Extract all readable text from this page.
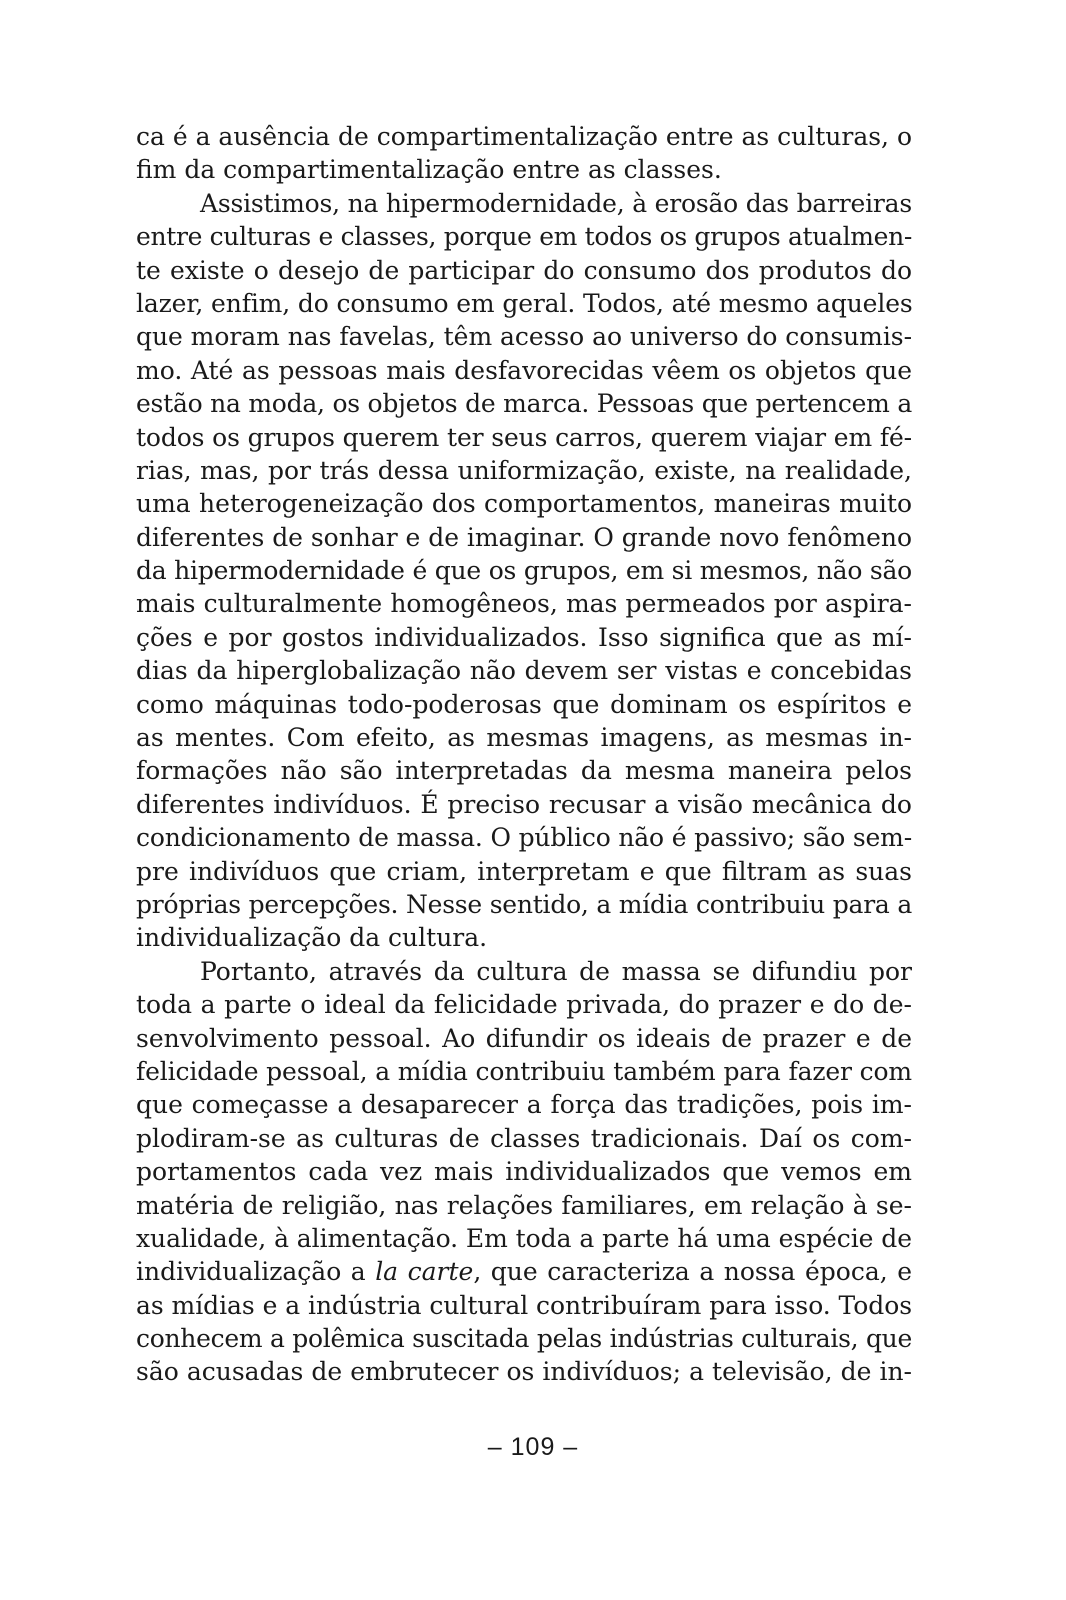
ca é a ausência de compartimentalização entre as culturas, o
fim da compartimentalização entre as classes.
Assistimos, na hipermodernidade, à erosão das barreiras
entre culturas e classes, porque em todos os grupos atualmen-
te existe o desejo de participar do consumo dos produtos do
lazer, enfim, do consumo em geral. Todos, até mesmo aqueles
que moram nas favelas, têm acesso ao universo do consumis-
mo. Até as pessoas mais desfavorecidas vêem os objetos que
estão na moda, os objetos de marca. Pessoas que pertencem a
todos os grupos querem ter seus carros, querem viajar em fé-
rias, mas, por trás dessa uniformização, existe, na realidade,
uma heterogeneização dos comportamentos, maneiras muito
diferentes de sonhar e de imaginar. O grande novo fenômeno
da hipermodernidade é que os grupos, em si mesmos, não são
mais culturalmente homogêneos, mas permeados por aspira-
ções e por gostos individualizados. Isso significa que as mí-
dias da hiperglobalização não devem ser vistas e concebidas
como máquinas todo-poderosas que dominam os espíritos e
as mentes. Com efeito, as mesmas imagens, as mesmas in-
formações não são interpretadas da mesma maneira pelos
diferentes indivíduos. É preciso recusar a visão mecânica do
condicionamento de massa. O público não é passivo; são sem-
pre indivíduos que criam, interpretam e que filtram as suas
próprias percepções. Nesse sentido, a mídia contribuiu para a
individualização da cultura.
Portanto, através da cultura de massa se difundiu por
toda a parte o ideal da felicidade privada, do prazer e do de-
senvolvimento pessoal. Ao difundir os ideais de prazer e de
felicidade pessoal, a mídia contribuiu também para fazer com
que começasse a desaparecer a força das tradições, pois im-
plodiram-se as culturas de classes tradicionais. Daí os com-
portamentos cada vez mais individualizados que vemos em
matéria de religião, nas relações familiares, em relação à se-
xualidade, à alimentação. Em toda a parte há uma espécie de
individualização a la carte, que caracteriza a nossa época, e
as mídias e a indústria cultural contribuíram para isso. Todos
conhecem a polêmica suscitada pelas indústrias culturais, que
são acusadas de embrutecer os indivíduos; a televisão, de in-
– 109 –
